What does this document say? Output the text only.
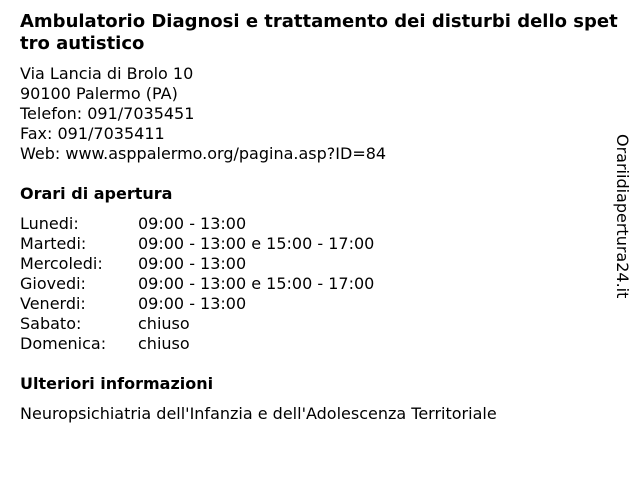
Ambulatorio Diagnosi e trattamento dei disturbi dello spettro autistico
Via Lancia di Brolo 10
90100 Palermo (PA)
Telefon: 091/7035451
Fax: 091/7035411
Web: www.asppalermo.org/pagina.asp?ID=84
Orari di apertura
Lunedi:	09:00 - 13:00
Martedi:	09:00 - 13:00 e 15:00 - 17:00
Mercoledi: 09:00 - 13:00
Giovedi:	09:00 - 13:00 e 15:00 - 17:00
Venerdi:	09:00 - 13:00
Sabato:	chiuso
Domenica: chiuso
Ulteriori informazioni
Neuropsichiatria dell'Infanzia e dell'Adolescenza Territoriale
Orariidiapertura24.it
